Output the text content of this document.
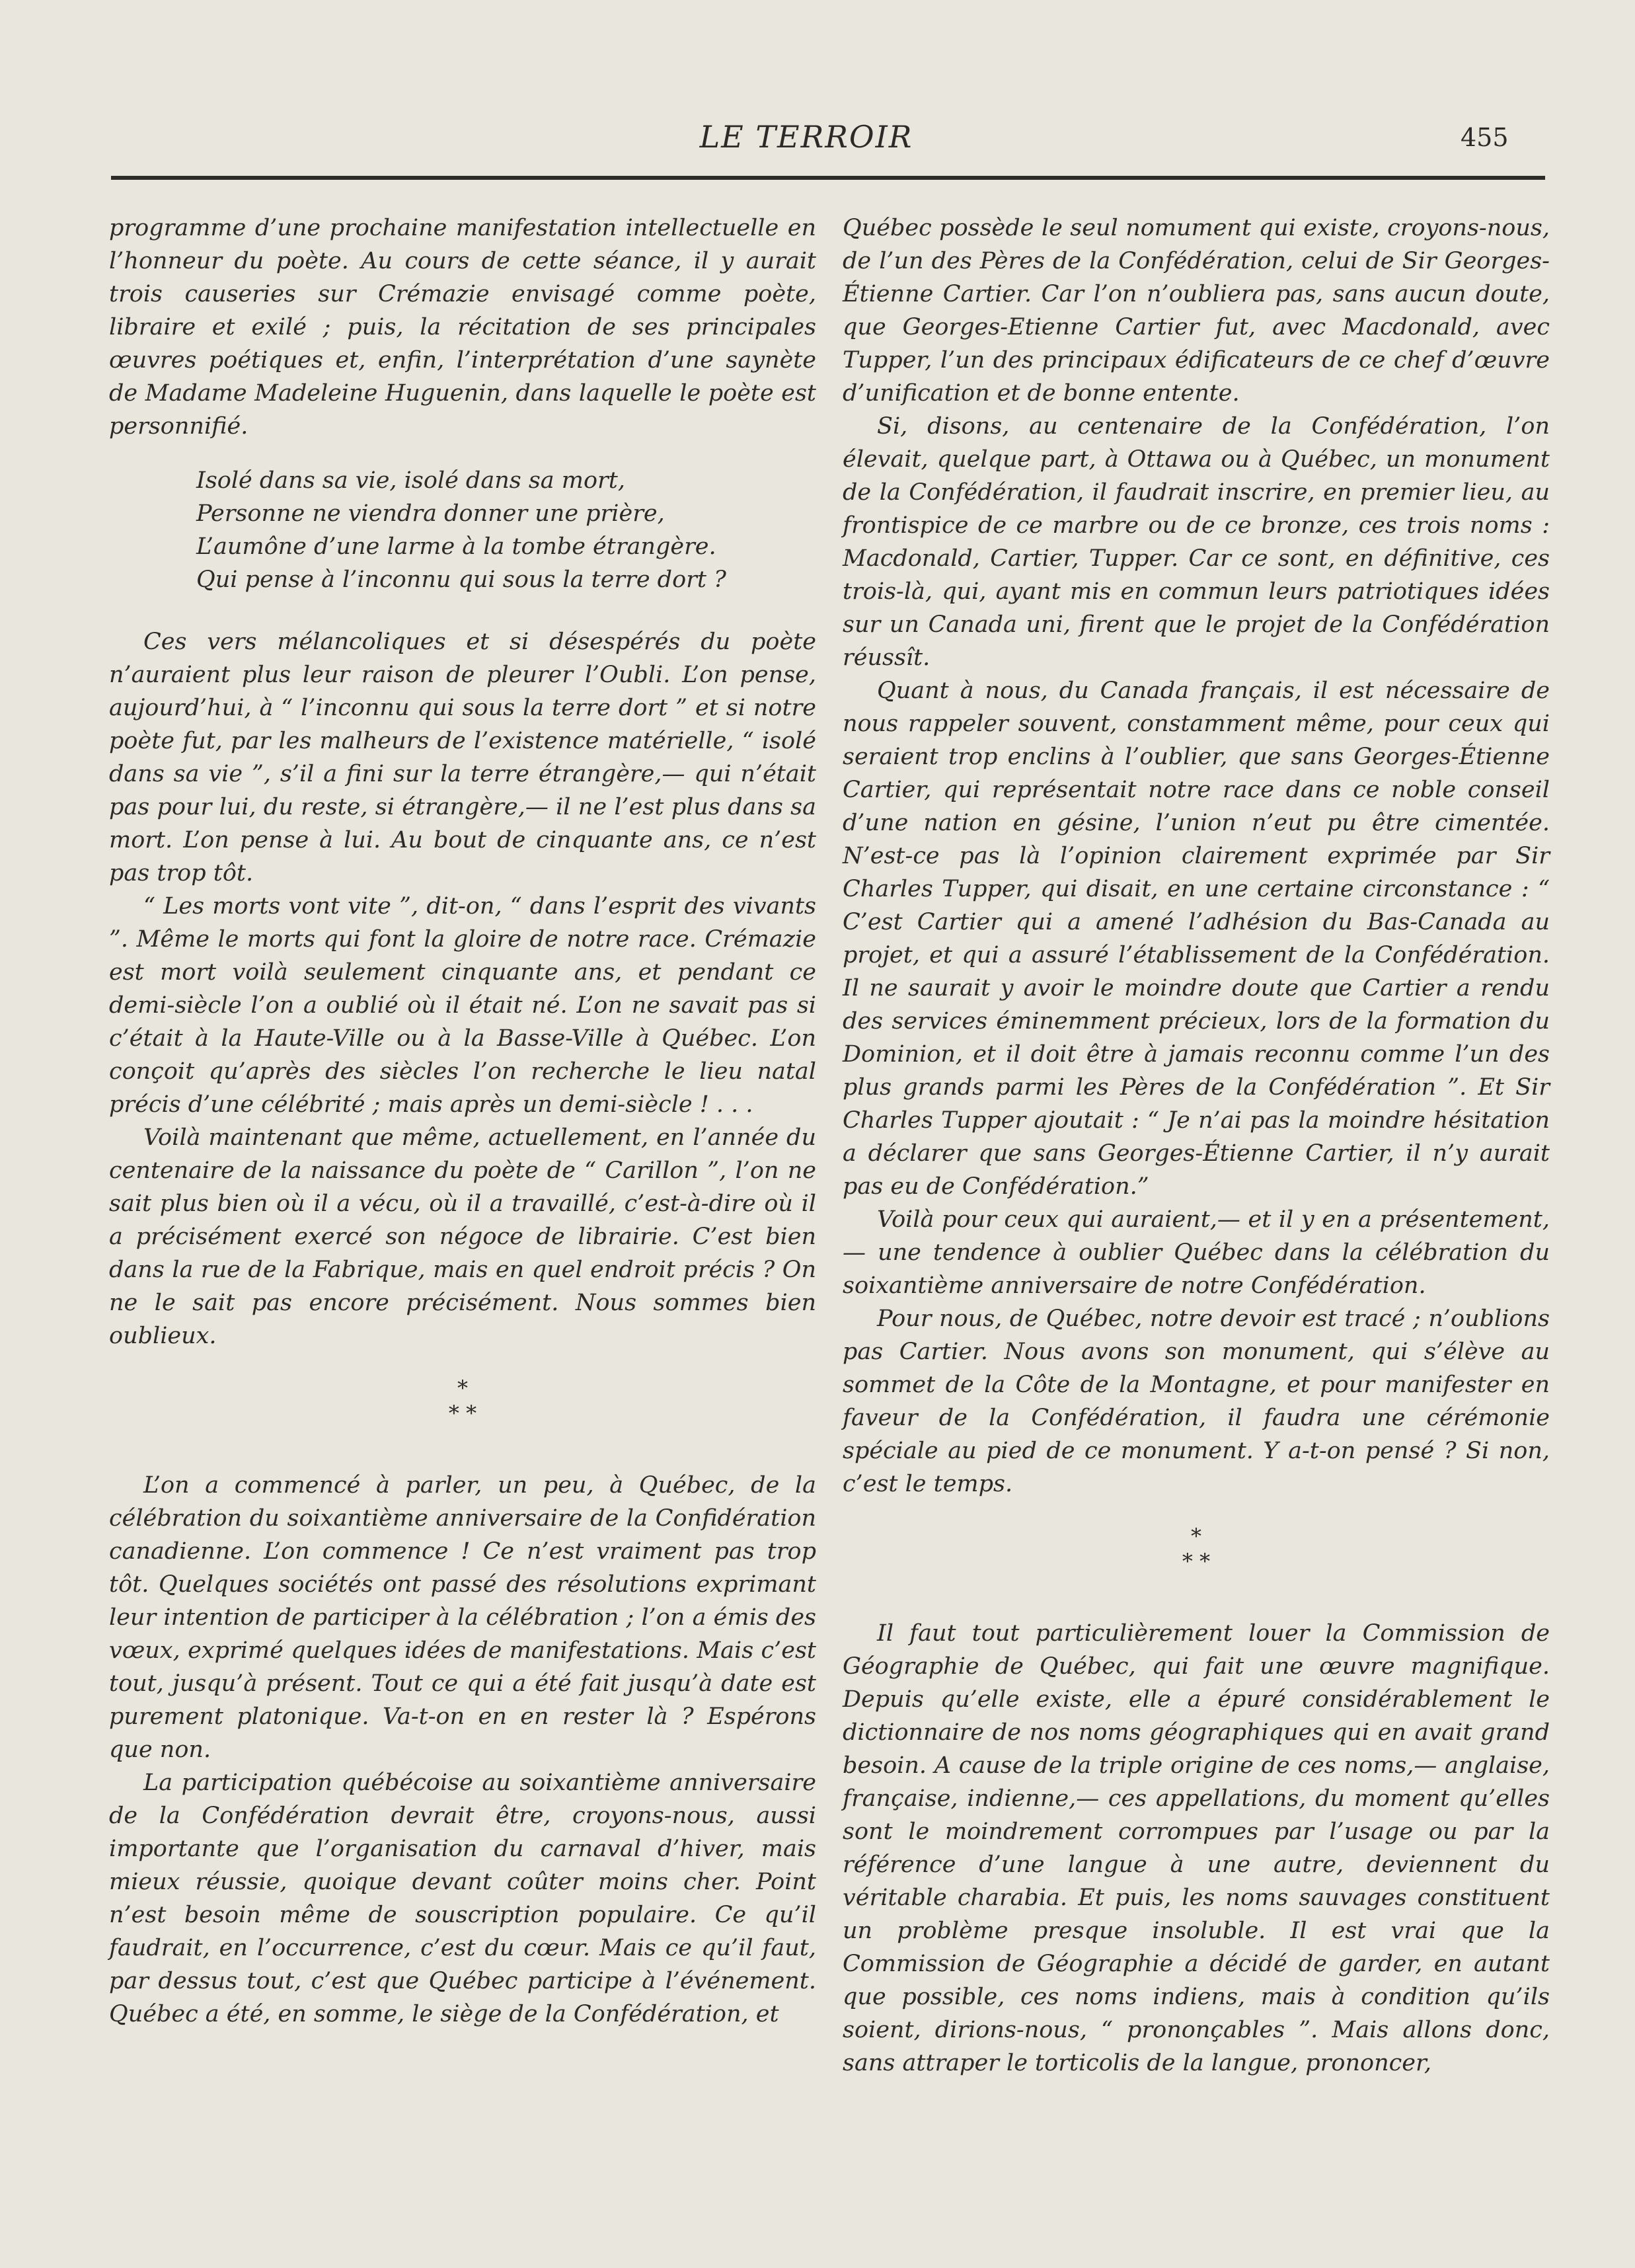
LE TERROIR	455

programme d’une prochaine manifestation intellectuelle en l’honneur du poète. Au cours de cette séance, il y aurait trois causeries sur Crémazie envisagé comme poète, libraire et exilé ; puis, la récitation de ses principales œuvres poétiques et, enfin, l’interprétation d’une saynète de Madame Madeleine Huguenin, dans laquelle le poète est personnifié.

Isolé dans sa vie, isolé dans sa mort,
Personne ne viendra donner une prière,
L’aumône d’une larme à la tombe étrangère.
Qui pense à l’inconnu qui sous la terre dort ?

Ces vers mélancoliques et si désespérés du poète n’auraient plus leur raison de pleurer l’Oubli. L’on pense, aujourd’hui, à “ l’inconnu qui sous la terre dort ” et si notre poète fut, par les malheurs de l’existence matérielle, “ isolé dans sa vie ”, s’il a fini sur la terre étrangère,— qui n’était pas pour lui, du reste, si étrangère,— il ne l’est plus dans sa mort. L’on pense à lui. Au bout de cinquante ans, ce n’est pas trop tôt.

“ Les morts vont vite ”, dit-on, “ dans l’esprit des vivants ”. Même le morts qui font la gloire de notre race. Crémazie est mort voilà seulement cinquante ans, et pendant ce demi-siècle l’on a oublié où il était né. L’on ne savait pas si c’était à la Haute-Ville ou à la Basse-Ville à Québec. L’on conçoit qu’après des siècles l’on recherche le lieu natal précis d’une célébrité ; mais après un demi-siècle ! . . .

Voilà maintenant que même, actuellement, en l’année du centenaire de la naissance du poète de “ Carillon ”, l’on ne sait plus bien où il a vécu, où il a travaillé, c’est-à-dire où il a précisément exercé son négoce de librairie. C’est bien dans la rue de la Fabrique, mais en quel endroit précis ? On ne le sait pas encore précisément. Nous sommes bien oublieux.

*
* *

L’on a commencé à parler, un peu, à Québec, de la célébration du soixantième anniversaire de la Confidération canadienne. L’on commence ! Ce n’est vraiment pas trop tôt. Quelques sociétés ont passé des résolutions exprimant leur intention de participer à la célébration ; l’on a émis des vœux, exprimé quelques idées de manifestations. Mais c’est tout, jusqu’à présent. Tout ce qui a été fait jusqu’à date est purement platonique. Va-t-on en en rester là ? Espérons que non.

La participation québécoise au soixantième anniversaire de la Confédération devrait être, croyons-nous, aussi importante que l’organisation du carnaval d’hiver, mais mieux réussie, quoique devant coûter moins cher. Point n’est besoin même de souscription populaire. Ce qu’il faudrait, en l’occurrence, c’est du cœur. Mais ce qu’il faut, par dessus tout, c’est que Québec participe à l’événement. Québec a été, en somme, le siège de la Confédération, et

Québec possède le seul nomument qui existe, croyons-nous, de l’un des Pères de la Confédération, celui de Sir Georges-Étienne Cartier. Car l’on n’oubliera pas, sans aucun doute, que Georges-Etienne Cartier fut, avec Macdonald, avec Tupper, l’un des principaux édificateurs de ce chef d’œuvre d’unification et de bonne entente.

Si, disons, au centenaire de la Confédération, l’on élevait, quelque part, à Ottawa ou à Québec, un monument de la Confédération, il faudrait inscrire, en premier lieu, au frontispice de ce marbre ou de ce bronze, ces trois noms : Macdonald, Cartier, Tupper. Car ce sont, en définitive, ces trois-là, qui, ayant mis en commun leurs patriotiques idées sur un Canada uni, firent que le projet de la Confédération réussît.

Quant à nous, du Canada français, il est nécessaire de nous rappeler souvent, constamment même, pour ceux qui seraient trop enclins à l’oublier, que sans Georges-Étienne Cartier, qui représentait notre race dans ce noble conseil d’une nation en gésine, l’union n’eut pu être cimentée. N’est-ce pas là l’opinion clairement exprimée par Sir Charles Tupper, qui disait, en une certaine circonstance : “ C’est Cartier qui a amené l’adhésion du Bas-Canada au projet, et qui a assuré l’établissement de la Confédération. Il ne saurait y avoir le moindre doute que Cartier a rendu des services éminemment précieux, lors de la formation du Dominion, et il doit être à jamais reconnu comme l’un des plus grands parmi les Pères de la Confédération ”. Et Sir Charles Tupper ajoutait : “ Je n’ai pas la moindre hésitation a déclarer que sans Georges-Étienne Cartier, il n’y aurait pas eu de Confédération.”

Voilà pour ceux qui auraient,— et il y en a présentement,— une tendence à oublier Québec dans la célébration du soixantième anniversaire de notre Confédération.

Pour nous, de Québec, notre devoir est tracé ; n’oublions pas Cartier. Nous avons son monument, qui s’élève au sommet de la Côte de la Montagne, et pour manifester en faveur de la Confédération, il faudra une cérémonie spéciale au pied de ce monument. Y a-t-on pensé ? Si non, c’est le temps.

*
* *

Il faut tout particulièrement louer la Commission de Géographie de Québec, qui fait une œuvre magnifique. Depuis qu’elle existe, elle a épuré considérablement le dictionnaire de nos noms géographiques qui en avait grand besoin. A cause de la triple origine de ces noms,— anglaise, française, indienne,— ces appellations, du moment qu’elles sont le moindrement corrompues par l’usage ou par la référence d’une langue à une autre, deviennent du véritable charabia. Et puis, les noms sauvages constituent un problème presque insoluble. Il est vrai que la Commission de Géographie a décidé de garder, en autant que possible, ces noms indiens, mais à condition qu’ils soient, dirions-nous, “ prononçables ”. Mais allons donc, sans attraper le torticolis de la langue, prononcer,
